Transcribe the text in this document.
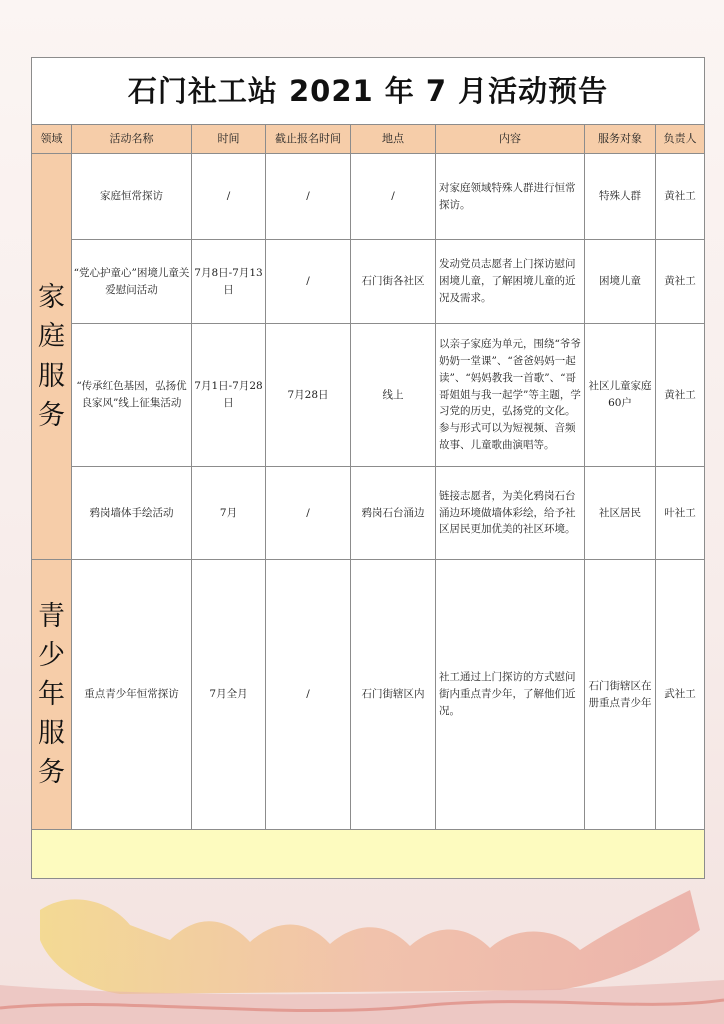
石门社工站 2021 年 7 月活动预告							
领域	活动名称	时间	截止报名时间	地点	内容	服务对象	负责人

家
庭
服
务	家庭恒常探访	/	/	/	对家庭领域特殊人群进行恒常探访。	特殊人群	黄社工
	“党心护童心”困境儿童关爱慰问活动	7月8日-7月13日	/	石门街各社区	发动党员志愿者上门探访慰问困境儿童，了解困境儿童的近况及需求。	困境儿童	黄社工
	“传承红色基因，弘扬优良家风”线上征集活动	7月1日-7月28日	7月28日	线上	以亲子家庭为单元，围绕“爷爷奶奶一堂课”、“爸爸妈妈一起读”、“妈妈教我一首歌”、“哥哥姐姐与我一起学”等主题，学习党的历史，弘扬党的文化。参与形式可以为短视频、音频故事、儿童歌曲演唱等。	社区儿童家庭60户	黄社工
	鸦岗墙体手绘活动	7月	/	鸦岗石台涌边	链接志愿者，为美化鸦岗石台涌边环境做墙体彩绘，给予社区居民更加优美的社区环境。	社区居民	叶社工

青
少
年
服
务	重点青少年恒常探访	7月全月	/	石门街辖区内	社工通过上门探访的方式慰问街内重点青少年，了解他们近况。	石门街辖区在册重点青少年	武社工
